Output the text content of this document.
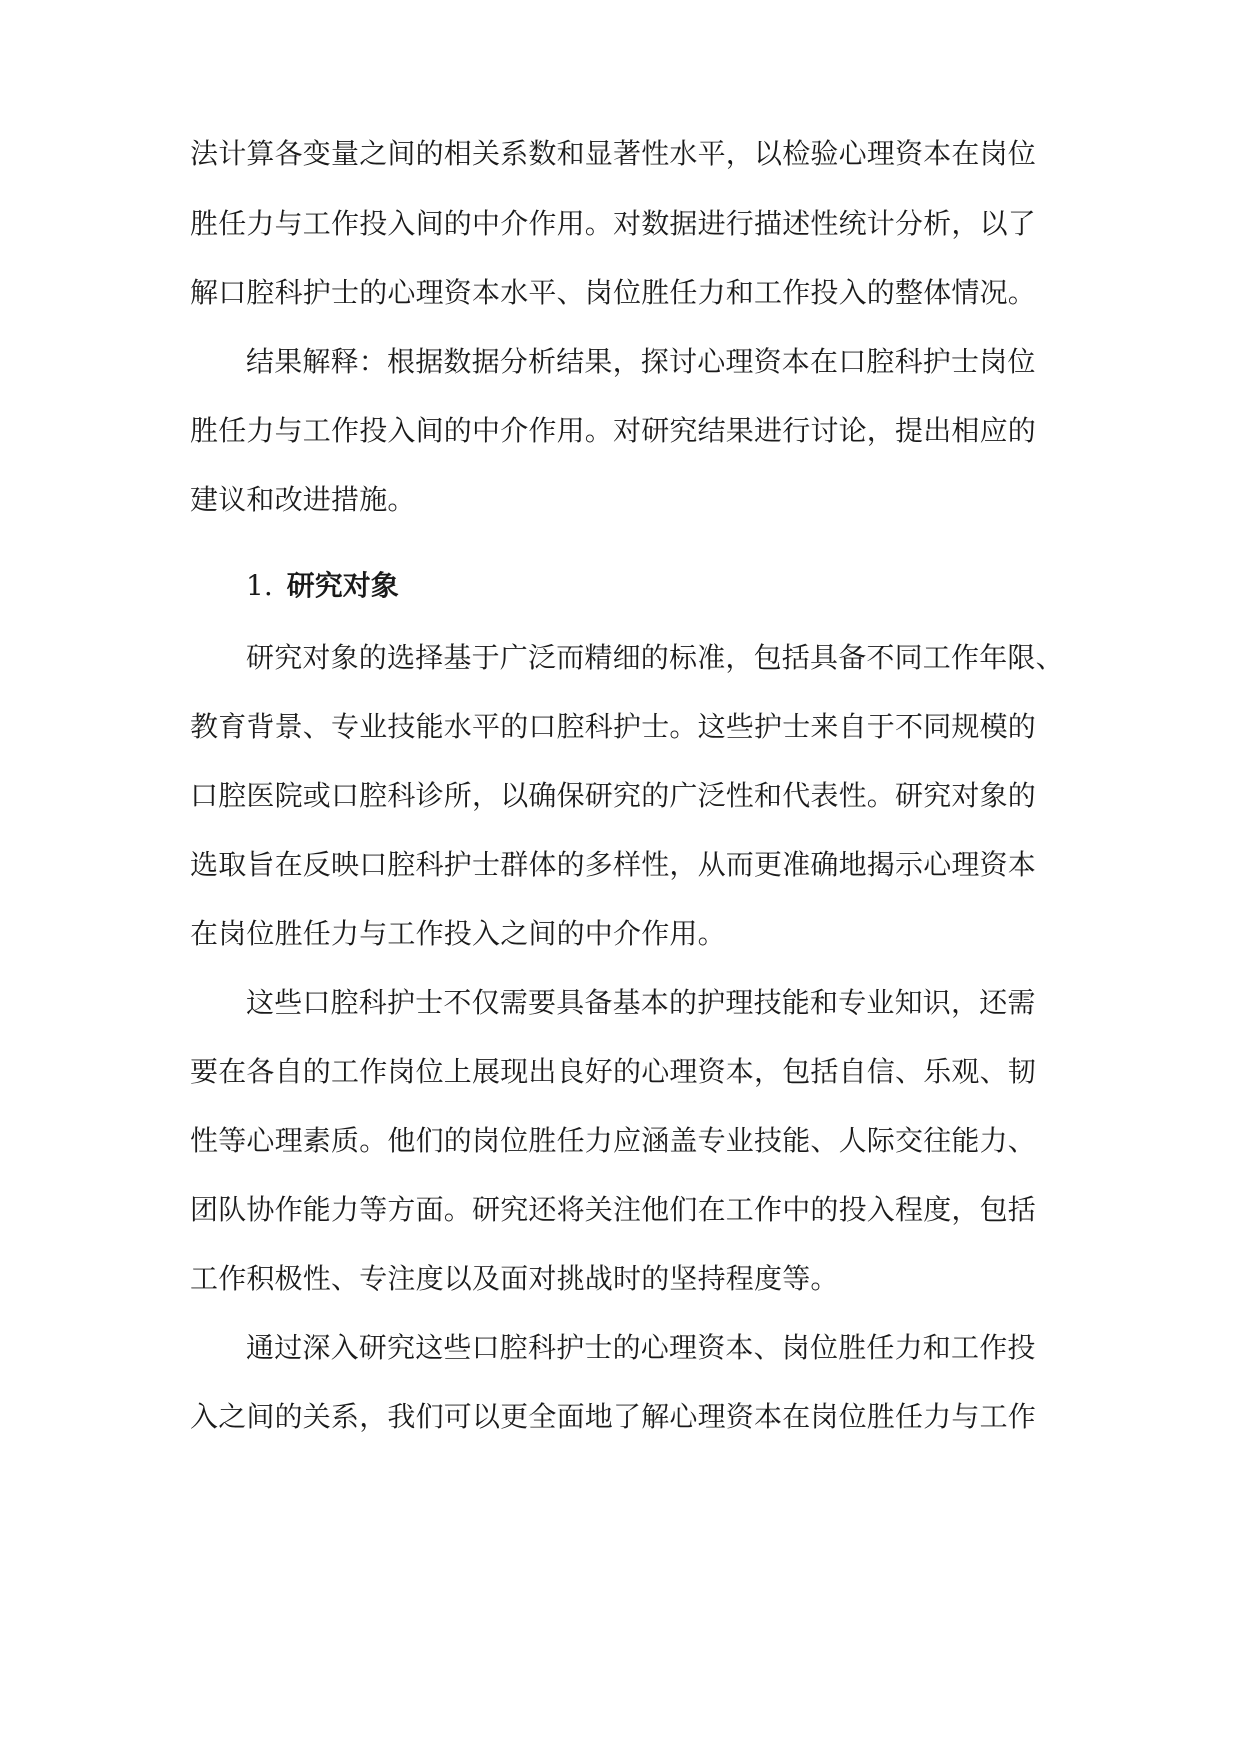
法计算各变量之间的相关系数和显著性水平，以检验心理资本在岗位
胜任力与工作投入间的中介作用。对数据进行描述性统计分析，以了
解口腔科护士的心理资本水平、岗位胜任力和工作投入的整体情况。
结果解释：根据数据分析结果，探讨心理资本在口腔科护士岗位
胜任力与工作投入间的中介作用。对研究结果进行讨论，提出相应的
建议和改进措施。
1. 研究对象
研究对象的选择基于广泛而精细的标准，包括具备不同工作年限、
教育背景、专业技能水平的口腔科护士。这些护士来自于不同规模的
口腔医院或口腔科诊所，以确保研究的广泛性和代表性。研究对象的
选取旨在反映口腔科护士群体的多样性，从而更准确地揭示心理资本
在岗位胜任力与工作投入之间的中介作用。
这些口腔科护士不仅需要具备基本的护理技能和专业知识，还需
要在各自的工作岗位上展现出良好的心理资本，包括自信、乐观、韧
性等心理素质。他们的岗位胜任力应涵盖专业技能、人际交往能力、
团队协作能力等方面。研究还将关注他们在工作中的投入程度，包括
工作积极性、专注度以及面对挑战时的坚持程度等。
通过深入研究这些口腔科护士的心理资本、岗位胜任力和工作投
入之间的关系，我们可以更全面地了解心理资本在岗位胜任力与工作
